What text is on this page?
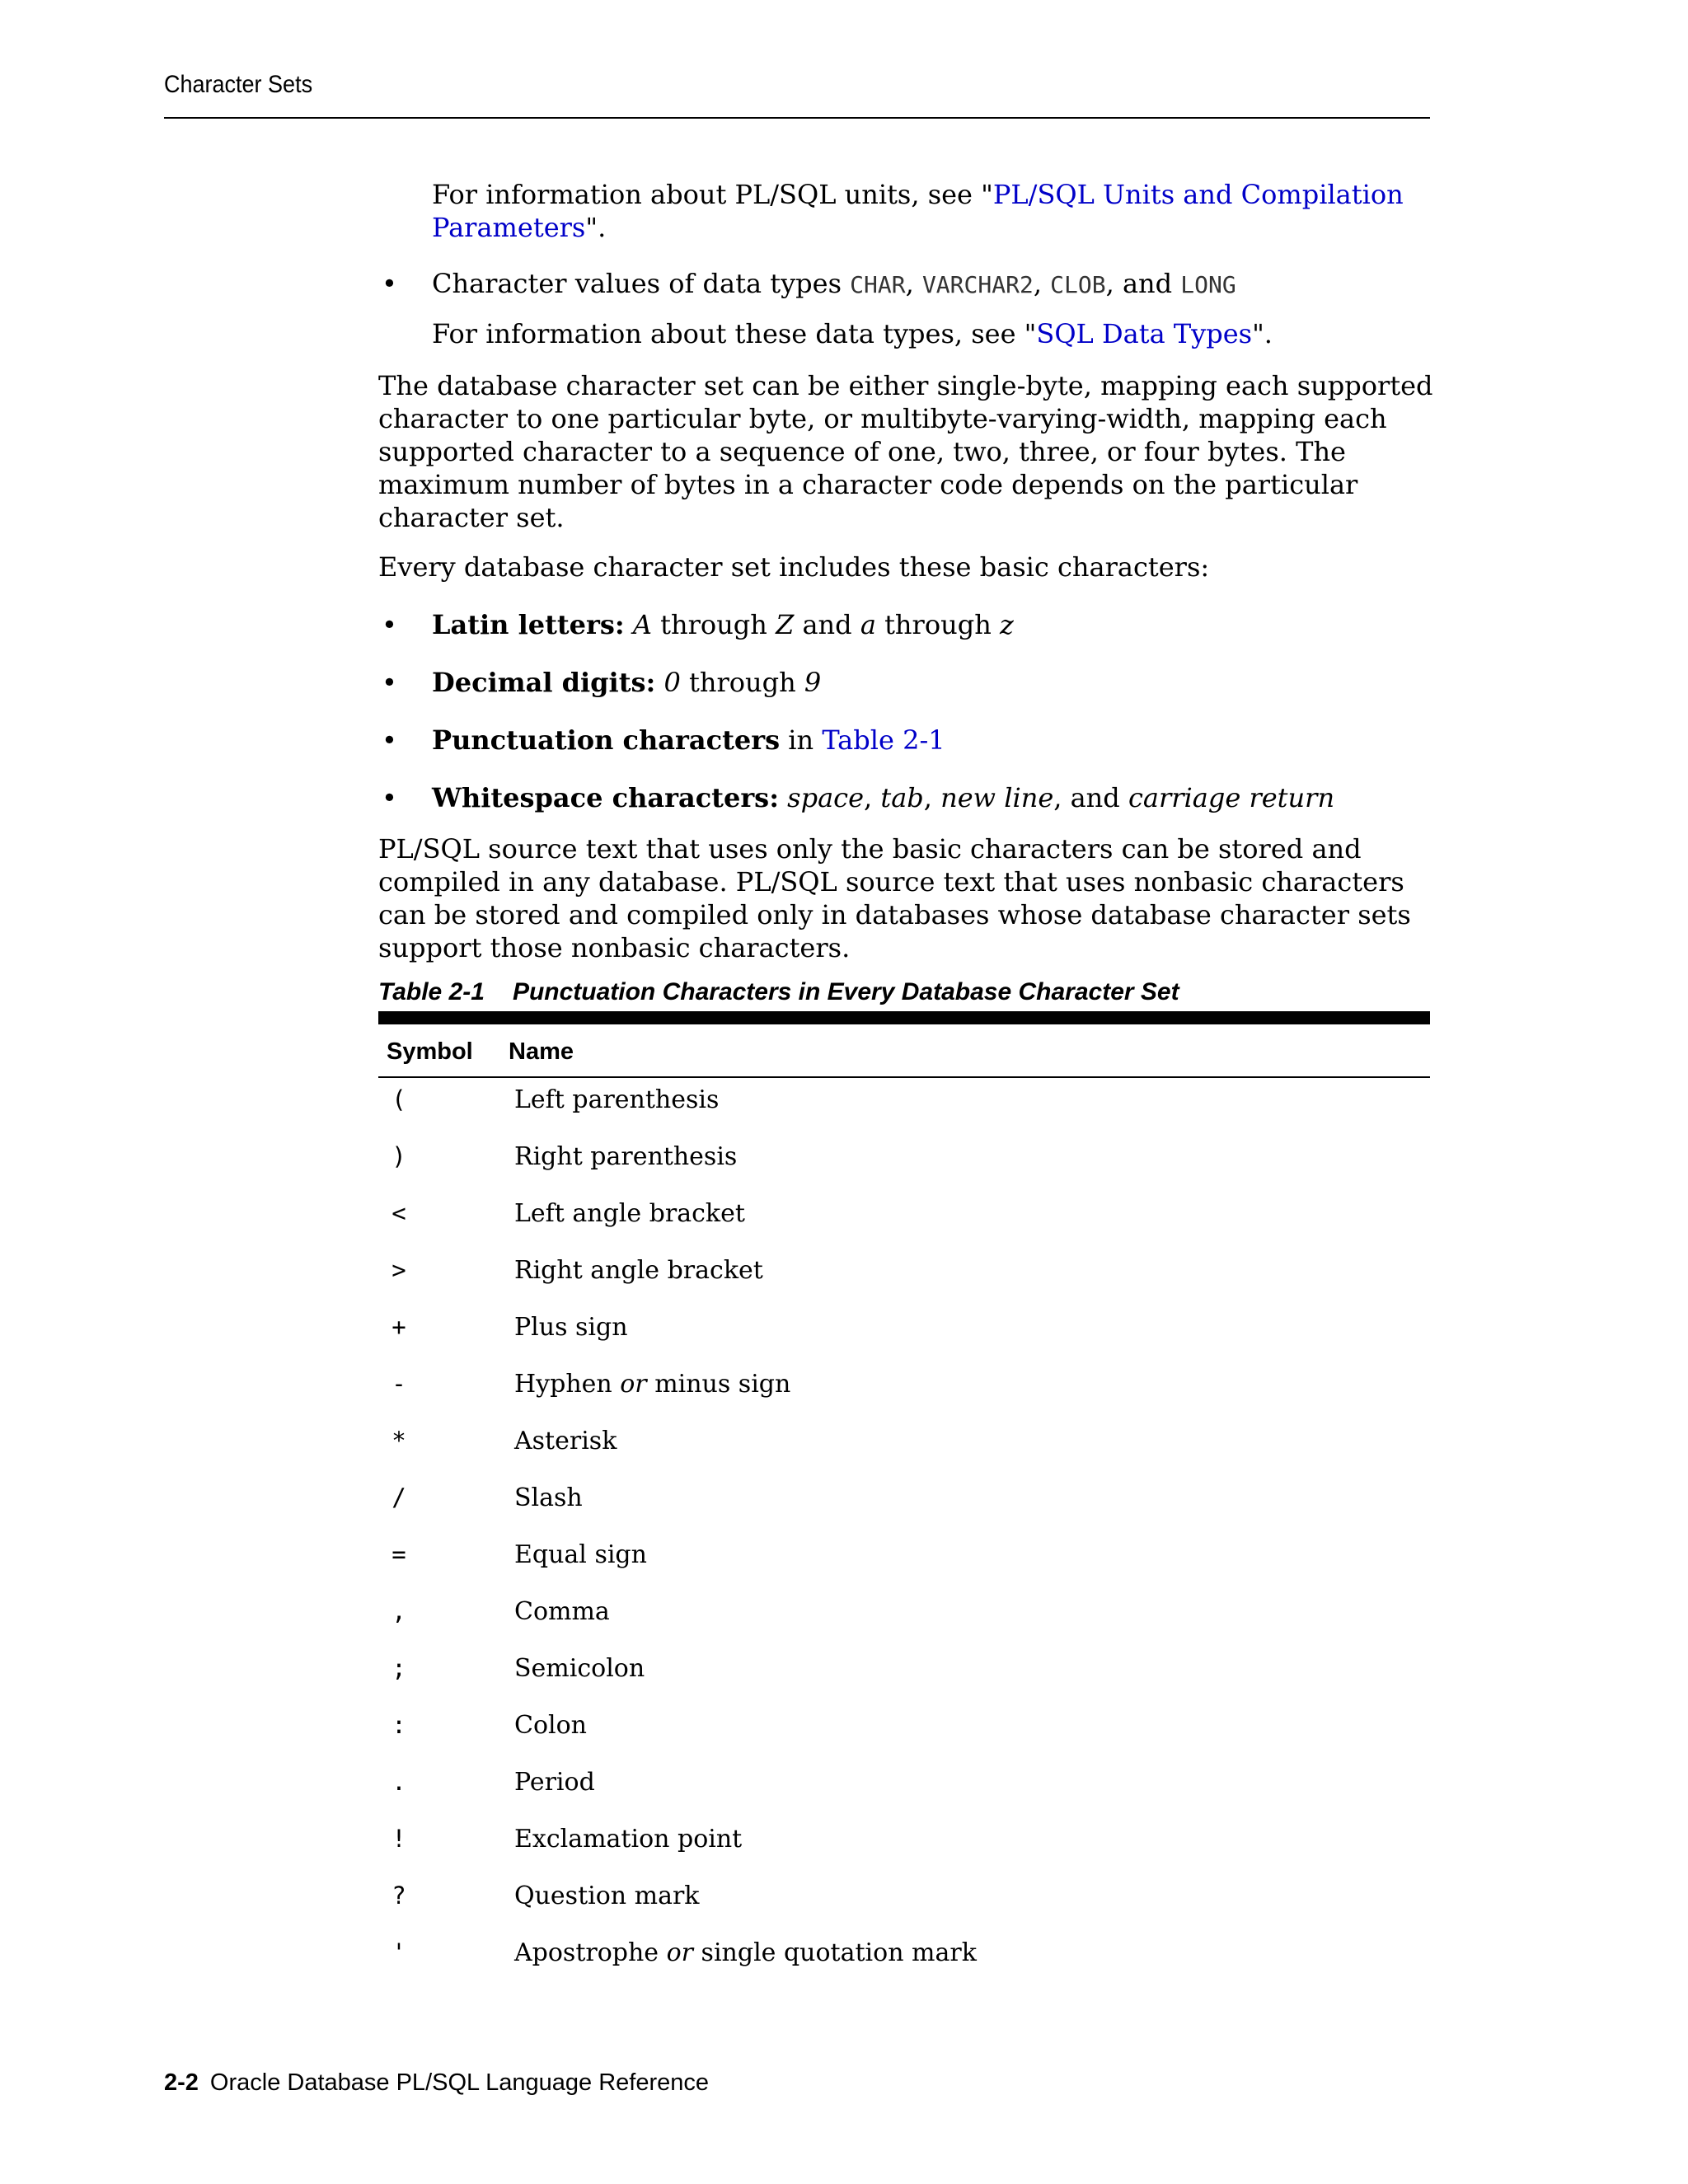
Character Sets

For information about PL/SQL units, see "PL/SQL Units and Compilation Parameters".

• Character values of data types CHAR, VARCHAR2, CLOB, and LONG

For information about these data types, see "SQL Data Types".

The database character set can be either single-byte, mapping each supported character to one particular byte, or multibyte-varying-width, mapping each supported character to a sequence of one, two, three, or four bytes. The maximum number of bytes in a character code depends on the particular character set.

Every database character set includes these basic characters:

• Latin letters: A through Z and a through z

• Decimal digits: 0 through 9

• Punctuation characters in Table 2-1

• Whitespace characters: space, tab, new line, and carriage return

PL/SQL source text that uses only the basic characters can be stored and compiled in any database. PL/SQL source text that uses nonbasic characters can be stored and compiled only in databases whose database character sets support those nonbasic characters.

Table 2-1 Punctuation Characters in Every Database Character Set
Symbol Name
(	Left parenthesis
)	Right parenthesis
<	Left angle bracket
>	Right angle bracket
+	Plus sign
-	Hyphen or minus sign
*	Asterisk
/	Slash
=	Equal sign
,	Comma
;	Semicolon
:	Colon
.	Period
!	Exclamation point
?	Question mark
'	Apostrophe or single quotation mark
2-2 Oracle Database PL/SQL Language Reference
